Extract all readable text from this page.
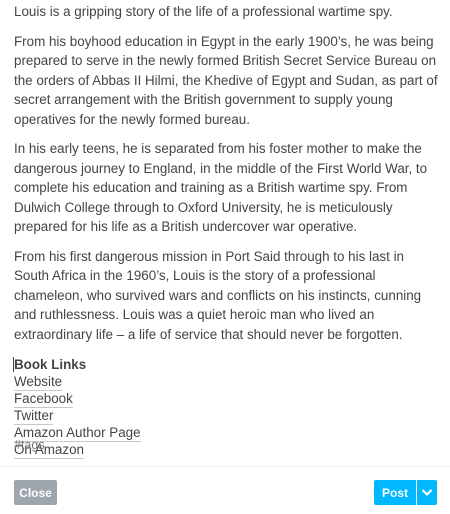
Louis is a gripping story of the life of a professional wartime spy.

From his boyhood education in Egypt in the early 1900’s, he was being prepared to serve in the newly formed British Secret Service Bureau on the orders of Abbas II Hilmi, the Khedive of Egypt and Sudan, as part of secret arrangement with the British government to supply young operatives for the newly formed bureau.

In his early teens, he is separated from his foster mother to make the dangerous journey to England, in the middle of the First World War, to complete his education and training as a British wartime spy. From Dulwich College through to Oxford University, he is meticulously prepared for his life as a British undercover war operative.

From his first dangerous mission in Port Said through to his last in South Africa in the 1960’s, Louis is the story of a professional chameleon, who survived wars and conflicts on his instincts, cunning and ruthlessness. Louis was a quiet heroic man who lived an extraordinary life – a life of service that should never be forgotten.

Book Links
Website
Facebook
Twitter
Amazon Author Page
On Amazon
#tags
Close	Post
